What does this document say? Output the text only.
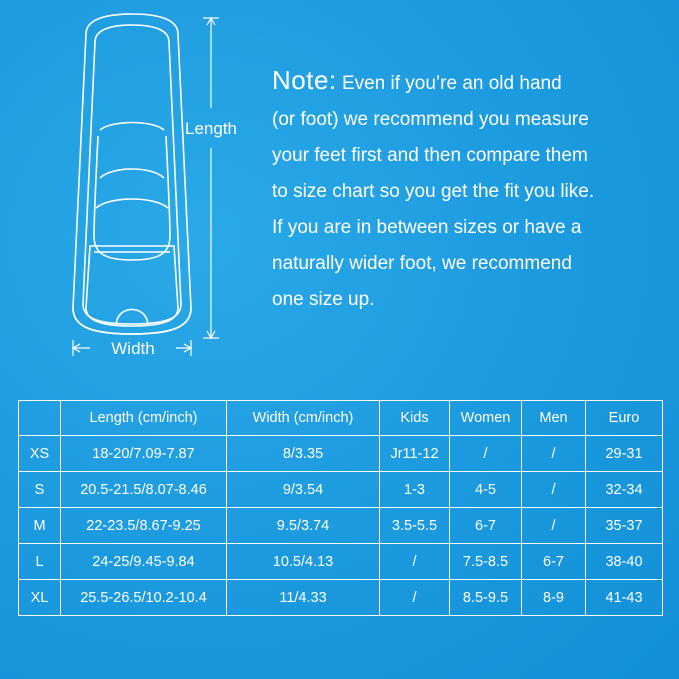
Length
Width
Note: Even if you’re an old hand
(or foot) we recommend you measure
your feet first and then compare them
to size chart so you get the fit you like.
If you are in between sizes or have a
naturally wider foot, we recommend
one size up.
	Length (cm/inch)	Width (cm/inch)	Kids	Women	Men	Euro
XS	18-20/7.09-7.87	8/3.35	Jr11-12	/	/	29-31
S	20.5-21.5/8.07-8.46	9/3.54	1-3	4-5	/	32-34
M	22-23.5/8.67-9.25	9.5/3.74	3.5-5.5	6-7	/	35-37
L	24-25/9.45-9.84	10.5/4.13	/	7.5-8.5	6-7	38-40
XL	25.5-26.5/10.2-10.4	11/4.33	/	8.5-9.5	8-9	41-43
